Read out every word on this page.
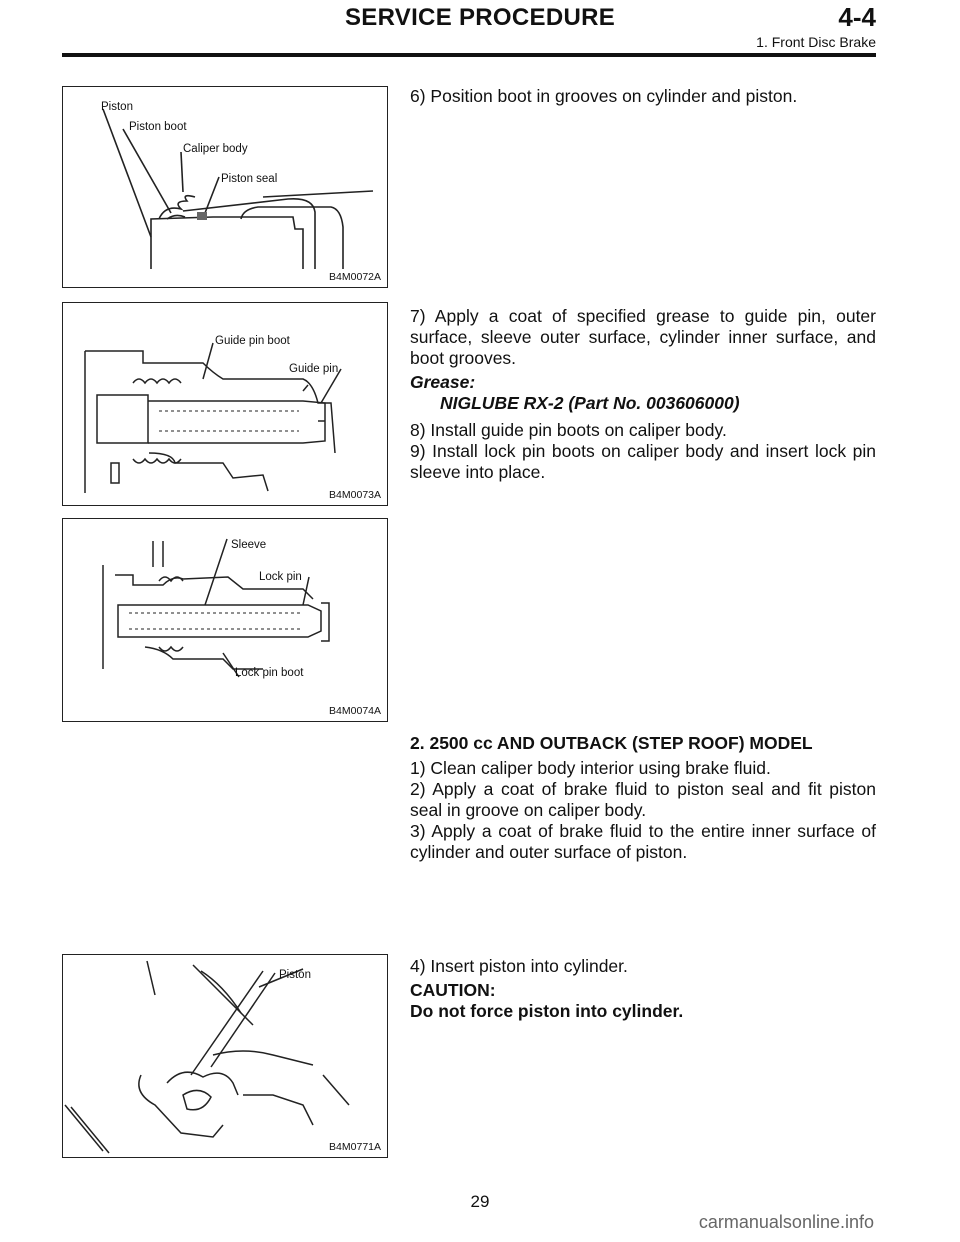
SERVICE PROCEDURE	4-4
1. Front Disc Brake
Piston
Piston boot
Caliper body
Piston seal
B4M0072A
Guide pin boot
Guide pin
B4M0073A
Sleeve
Lock pin
Lock pin boot
B4M0074A
Piston
B4M0771A
6) Position boot in grooves on cylinder and piston.
7) Apply a coat of specified grease to guide pin, outer surface, sleeve outer surface, cylinder inner surface, and boot grooves.
Grease:
NIGLUBE RX-2 (Part No. 003606000)
8) Install guide pin boots on caliper body.
9) Install lock pin boots on caliper body and insert lock pin sleeve into place.
2. 2500 cc AND OUTBACK (STEP ROOF) MODEL
1) Clean caliper body interior using brake fluid.
2) Apply a coat of brake fluid to piston seal and fit piston seal in groove on caliper body.
3) Apply a coat of brake fluid to the entire inner surface of cylinder and outer surface of piston.
4) Insert piston into cylinder.
CAUTION:
Do not force piston into cylinder.
29
carmanualsonline.info
